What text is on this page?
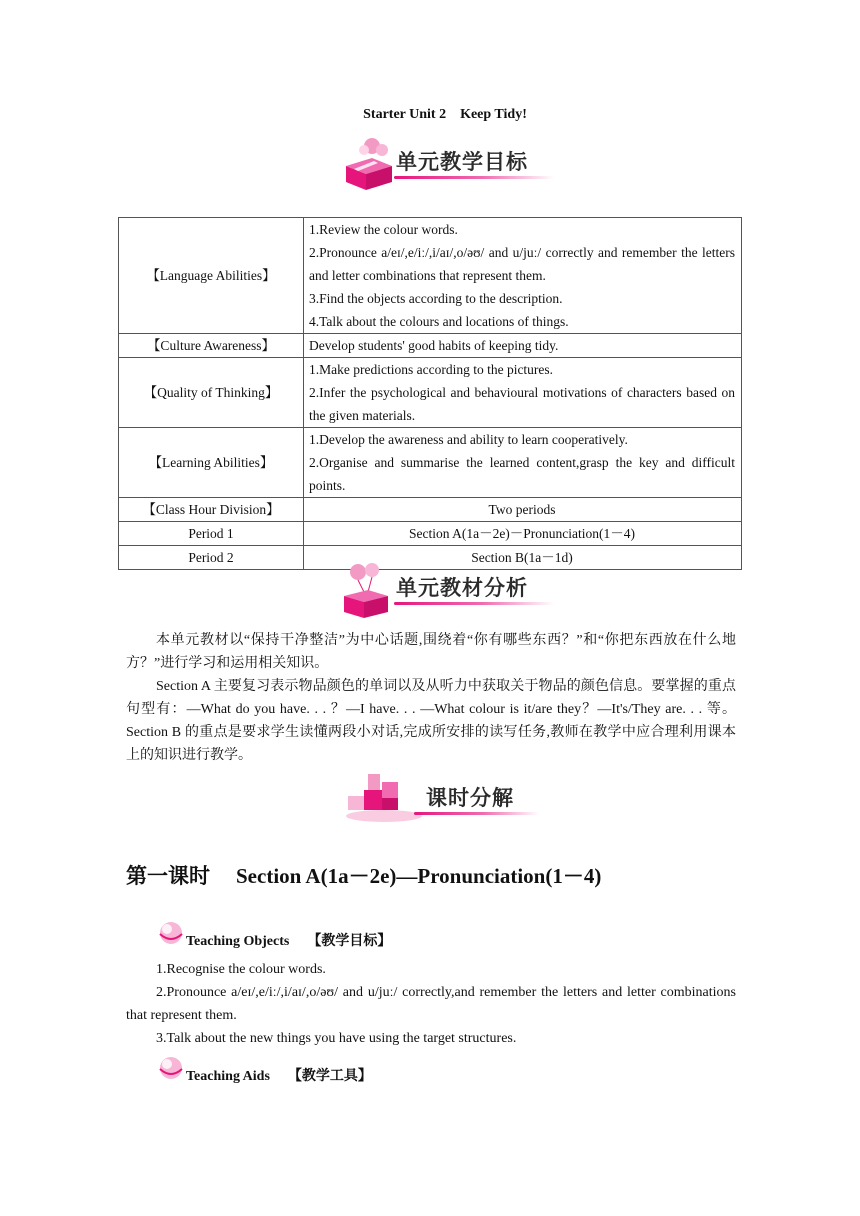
Starter Unit 2 Keep Tidy!
单元教学目标
【Language Abilities】	1.Review the colour words.
2.Pronounce a/eɪ/,e/iː/,i/aɪ/,o/əʊ/ and u/juː/ correctly and remember the letters and letter combinations that represent them.
3.Find the objects according to the description.
4.Talk about the colours and locations of things.

【Culture Awareness】	Develop students' good habits of keeping tidy.

【Quality of Thinking】	1.Make predictions according to the pictures.
2.Infer the psychological and behavioural motivations of characters based on the given materials.

【Learning Abilities】	1.Develop the awareness and ability to learn cooperatively.
2.Organise and summarise the learned content,grasp the key and difficult points.

【Class Hour Division】	Two periods
Period 1	Section A(1a－2e)－Pronunciation(1－4)
Period 2	Section B(1a－1d)
单元教材分析
本单元教材以“保持干净整洁”为中心话题,围绕着“你有哪些东西？”和“你把东西放在什么地方？”进行学习和运用相关知识。
Section A 主要复习表示物品颜色的单词以及从听力中获取关于物品的颜色信息。要掌握的重点句型有：—What do you have. . . ？—I have. . . —What colour is it/are they？—It's/They are. . . 等。Section B 的重点是要求学生读懂两段小对话,完成所安排的读写任务,教师在教学中应合理利用课本上的知识进行教学。
课时分解
第一课时 Section A(1a－2e)—Pronunciation(1－4)
Teaching Objects 【教学目标】
1.Recognise the colour words.
2.Pronounce a/eɪ/,e/iː/,i/aɪ/,o/əʊ/ and u/juː/ correctly,and remember the letters and letter combinations that represent them.
3.Talk about the new things you have using the target structures.
Teaching Aids 【教学工具】
